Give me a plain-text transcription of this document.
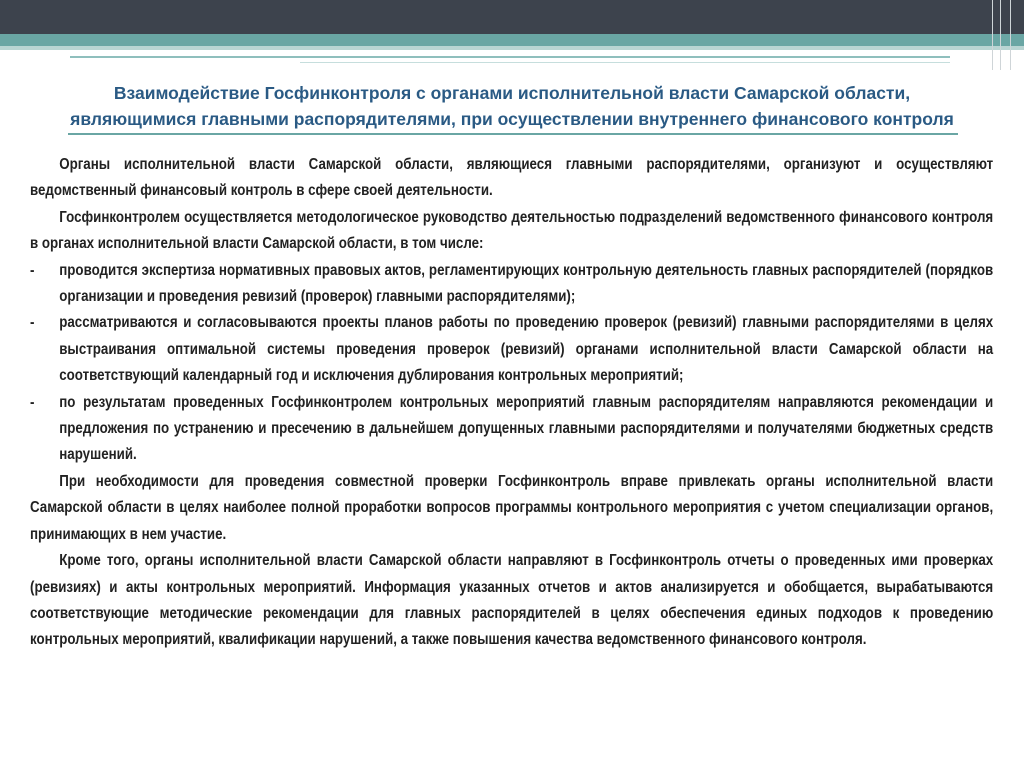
Взаимодействие Госфинконтроля с органами исполнительной власти Самарской области,
являющимися главными распорядителями, при осуществлении внутреннего финансового контроля

Органы исполнительной власти Самарской области, являющиеся главными распорядителями, организуют и осуществляют ведомственный финансовый контроль в сфере своей деятельности.

Госфинконтролем осуществляется методологическое руководство деятельностью подразделений ведомственного финансового контроля в органах исполнительной власти Самарской области, в том числе:

- проводится экспертиза нормативных правовых актов, регламентирующих контрольную деятельность главных распорядителей (порядков организации и проведения ревизий (проверок) главными распорядителями);

- рассматриваются и согласовываются проекты планов работы по проведению проверок (ревизий) главными распорядителями в целях выстраивания оптимальной системы проведения проверок (ревизий) органами исполнительной власти Самарской области на соответствующий календарный год и исключения дублирования контрольных мероприятий;

- по результатам проведенных Госфинконтролем контрольных мероприятий главным распорядителям направляются рекомендации и предложения по устранению и пресечению в дальнейшем допущенных главными распорядителями и получателями бюджетных средств нарушений.

При необходимости для проведения совместной проверки Госфинконтроль вправе привлекать органы исполнительной власти Самарской области в целях наиболее полной проработки вопросов программы контрольного мероприятия с учетом специализации органов, принимающих в нем участие.

Кроме того, органы исполнительной власти Самарской области направляют в Госфинконтроль отчеты о проведенных ими проверках (ревизиях) и акты контрольных мероприятий. Информация указанных отчетов и актов анализируется и обобщается, вырабатываются соответствующие методические рекомендации для главных распорядителей в целях обеспечения единых подходов к проведению контрольных мероприятий, квалификации нарушений, а также повышения качества ведомственного финансового контроля.
